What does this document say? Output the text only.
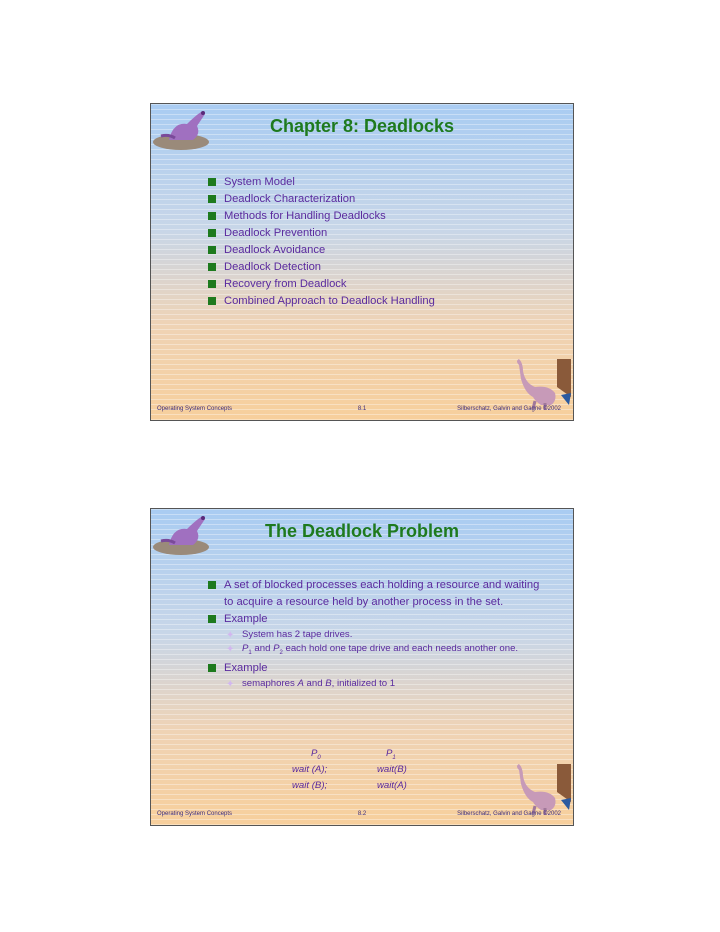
Chapter 8: Deadlocks
System Model
Deadlock Characterization
Methods for Handling Deadlocks
Deadlock Prevention
Deadlock Avoidance
Deadlock Detection
Recovery from Deadlock
Combined Approach to Deadlock Handling
Operating System Concepts	8.1	Silberschatz, Galvin and Gagne ©2002
The Deadlock Problem
A set of blocked processes each holding a resource and waiting to acquire a resource held by another process in the set.
Example
✦ System has 2 tape drives.
✦ $P_1$ and $P_2$ each hold one tape drive and each needs another one.
Example
✦ semaphores A and B, initialized to 1
$P_0$	$P_1$
wait (A);	wait(B)
wait (B);	wait(A)
Operating System Concepts	8.2	Silberschatz, Galvin and Gagne ©2002
